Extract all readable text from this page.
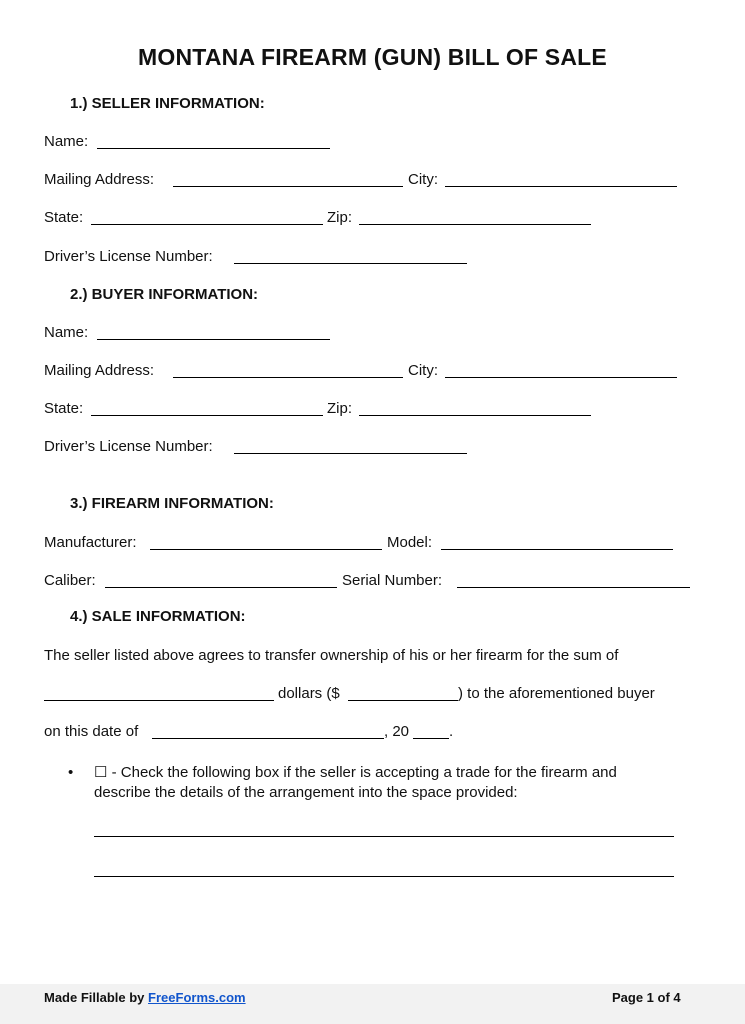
MONTANA FIREARM (GUN) BILL OF SALE
1.) SELLER INFORMATION:
Name:
Mailing Address:	City:
State:	Zip:
Driver’s License Number:
2.) BUYER INFORMATION:
Name:
Mailing Address:	City:
State:	Zip:
Driver’s License Number:
3.) FIREARM INFORMATION:
Manufacturer:	Model:
Caliber:	Serial Number:
4.) SALE INFORMATION:
The seller listed above agrees to transfer ownership of his or her firearm for the sum of
dollars ($	) to the aforementioned buyer
on this date of	, 20	.
• ☐ - Check the following box if the seller is accepting a trade for the firearm and
describe the details of the arrangement into the space provided:
Made Fillable by FreeForms.com	Page 1 of 4
